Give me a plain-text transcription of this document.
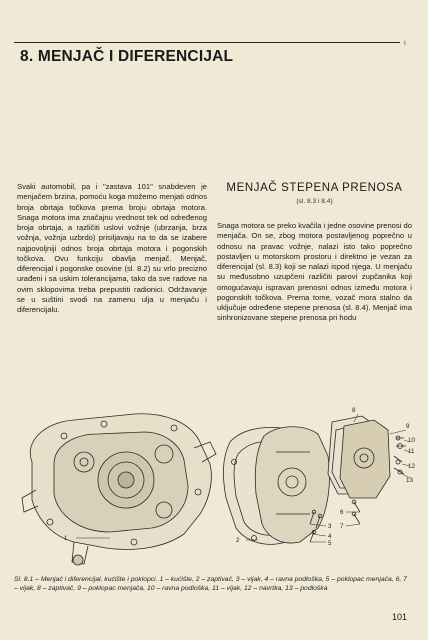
ı
8. MENJAČ I DIFERENCIJAL
Svaki automobil, pa i "zastava 101" snabdeven je menjačem brzina, pomoću koga možemo menjati odnos broja obrtaja točkova prema broju obrtaja motora. Snaga motora ima značajnu vrednost tek od određenog broja obrtaja, a različiti uslovi vožnje (ubrzanja, brza vožnja, vožnja uzbrdo) prisiljavaju na to da se izabere najpovoljniji odnos broja obrtaja motora i pogonskih točkova. Ovu funkciju obavlja menjač. Menjač, diferencijal i pogonske osovine (sl. 8.2) su vrlo precizno urađeni i sa uskim tolerancijama, tako da sve radove na ovim sklopovima treba prepustiti radionici. Održavanje se u suštini svodi na zamenu ulja u menjaču i diferencijalu.
MENJAČ STEPENA PRENOSA
(sl. 8.3 i 8.4)
Snaga motora se preko kvačila i jedne osovine prenosi do menjača. On se, zbog motora postavljenog poprečno u odnosu na pravac vožnje, nalazi isto tako poprečno postavljen u motorskom prostoru i direktno je vezan za diferencijal (sl. 8.3) koji se nalazi ispod njega. U menjaču su međusobno uzupčeni različiti parovi zupčanika koji omogućavaju ispravan prenosni odnos između motora i pogonskih točkova. Prema tome, vozač mora stalno da uključuje određene stepene prenosa (sl. 8.4). Menjač ima sinhronizovane stepene prenosa pri hodu
1	2
3
4
5
6
7
8
9
10
11
12
13
Sl. 8.1 – Menjač i diferencijal, kućište i poklopci. 1 – kućište, 2 – zaptivač, 3 – vijak, 4 – ravna podloška, 5 – poklopac menjača, 6, 7 – vijak, 8 – zaptivač, 9 – poklopac menjača, 10 – ravna podloška, 11 – vijak, 12 – navrtka, 13 – podloška
101
